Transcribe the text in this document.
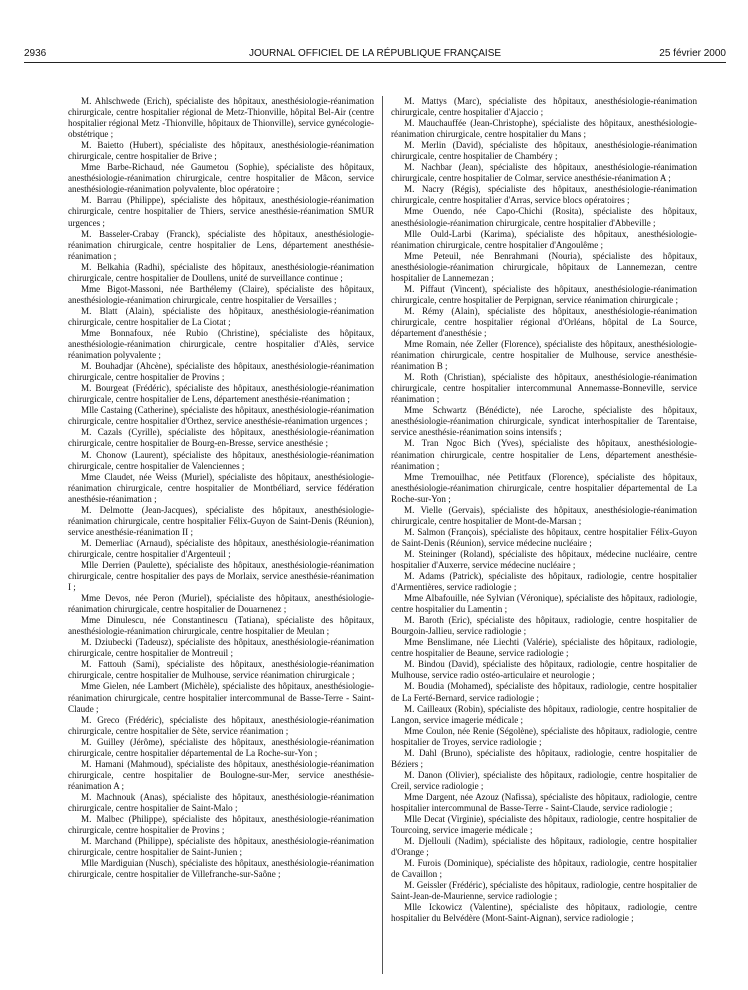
2936	JOURNAL OFFICIEL DE LA RÉPUBLIQUE FRANÇAISE	25 février 2000

M. Ahlschwede (Erich), spécialiste des hôpitaux, anesthésiologie-réanimation chirurgicale, centre hospitalier régional de Metz-Thionville, hôpital Bel-Air (centre hospitalier régional Metz -Thionville, hôpitaux de Thionville), service gynécologie-obstétrique ;

M. Baietto (Hubert), spécialiste des hôpitaux, anesthésiologie-réanimation chirurgicale, centre hospitalier de Brive ;

Mme Barbe-Richaud, née Gaumetou (Sophie), spécialiste des hôpitaux, anesthésiologie-réanimation chirurgicale, centre hospitalier de Mâcon, service anesthésiologie-réanimation polyvalente, bloc opératoire ;

M. Barrau (Philippe), spécialiste des hôpitaux, anesthésiologie-réanimation chirurgicale, centre hospitalier de Thiers, service anesthésie-réanimation SMUR urgences ;

M. Basseler-Crabay (Franck), spécialiste des hôpitaux, anesthésiologie-réanimation chirurgicale, centre hospitalier de Lens, département anesthésie-réanimation ;

M. Belkahia (Radhi), spécialiste des hôpitaux, anesthésiologie-réanimation chirurgicale, centre hospitalier de Doullens, unité de surveillance continue ;

Mme Bigot-Massoni, née Barthélemy (Claire), spécialiste des hôpitaux, anesthésiologie-réanimation chirurgicale, centre hospitalier de Versailles ;

M. Blatt (Alain), spécialiste des hôpitaux, anesthésiologie-réanimation chirurgicale, centre hospitalier de La Ciotat ;

Mme Bonnafoux, née Rubio (Christine), spécialiste des hôpitaux, anesthésiologie-réanimation chirurgicale, centre hospitalier d'Alès, service réanimation polyvalente ;

M. Bouhadjar (Ahcène), spécialiste des hôpitaux, anesthésiologie-réanimation chirurgicale, centre hospitalier de Provins ;

M. Bourgeat (Frédéric), spécialiste des hôpitaux, anesthésiologie-réanimation chirurgicale, centre hospitalier de Lens, département anesthésie-réanimation ;

Mlle Castaing (Catherine), spécialiste des hôpitaux, anesthésiologie-réanimation chirurgicale, centre hospitalier d'Orthez, service anesthésie-réanimation urgences ;

M. Cazals (Cyrille), spécialiste des hôpitaux, anesthésiologie-réanimation chirurgicale, centre hospitalier de Bourg-en-Bresse, service anesthésie ;

M. Chonow (Laurent), spécialiste des hôpitaux, anesthésiologie-réanimation chirurgicale, centre hospitalier de Valenciennes ;

Mme Claudet, née Weiss (Muriel), spécialiste des hôpitaux, anesthésiologie-réanimation chirurgicale, centre hospitalier de Montbéliard, service fédération anesthésie-réanimation ;

M. Delmotte (Jean-Jacques), spécialiste des hôpitaux, anesthésiologie-réanimation chirurgicale, centre hospitalier Félix-Guyon de Saint-Denis (Réunion), service anesthésie-réanimation II ;

M. Demerliac (Arnaud), spécialiste des hôpitaux, anesthésiologie-réanimation chirurgicale, centre hospitalier d'Argenteuil ;

Mlle Derrien (Paulette), spécialiste des hôpitaux, anesthésiologie-réanimation chirurgicale, centre hospitalier des pays de Morlaix, service anesthésie-réanimation I ;

Mme Devos, née Peron (Muriel), spécialiste des hôpitaux, anesthésiologie-réanimation chirurgicale, centre hospitalier de Douarnenez ;

Mme Dinulescu, née Constantinescu (Tatiana), spécialiste des hôpitaux, anesthésiologie-réanimation chirurgicale, centre hospitalier de Meulan ;

M. Dziubecki (Tadeusz), spécialiste des hôpitaux, anesthésiologie-réanimation chirurgicale, centre hospitalier de Montreuil ;

M. Fattouh (Sami), spécialiste des hôpitaux, anesthésiologie-réanimation chirurgicale, centre hospitalier de Mulhouse, service réanimation chirurgicale ;

Mme Gielen, née Lambert (Michèle), spécialiste des hôpitaux, anesthésiologie-réanimation chirurgicale, centre hospitalier intercommunal de Basse-Terre - Saint-Claude ;

M. Greco (Frédéric), spécialiste des hôpitaux, anesthésiologie-réanimation chirurgicale, centre hospitalier de Sète, service réanimation ;

M. Guilley (Jérôme), spécialiste des hôpitaux, anesthésiologie-réanimation chirurgicale, centre hospitalier départemental de La Roche-sur-Yon ;

M. Hamani (Mahmoud), spécialiste des hôpitaux, anesthésiologie-réanimation chirurgicale, centre hospitalier de Boulogne-sur-Mer, service anesthésie-réanimation A ;

M. Machnouk (Anas), spécialiste des hôpitaux, anesthésiologie-réanimation chirurgicale, centre hospitalier de Saint-Malo ;

M. Malbec (Philippe), spécialiste des hôpitaux, anesthésiologie-réanimation chirurgicale, centre hospitalier de Provins ;

M. Marchand (Philippe), spécialiste des hôpitaux, anesthésiologie-réanimation chirurgicale, centre hospitalier de Saint-Junien ;

Mlle Mardiguian (Nusch), spécialiste des hôpitaux, anesthésiologie-réanimation chirurgicale, centre hospitalier de Villefranche-sur-Saône ;

M. Mattys (Marc), spécialiste des hôpitaux, anesthésiologie-réanimation chirurgicale, centre hospitalier d'Ajaccio ;

M. Mauchauffée (Jean-Christophe), spécialiste des hôpitaux, anesthésiologie-réanimation chirurgicale, centre hospitalier du Mans ;

M. Merlin (David), spécialiste des hôpitaux, anesthésiologie-réanimation chirurgicale, centre hospitalier de Chambéry ;

M. Nachbar (Jean), spécialiste des hôpitaux, anesthésiologie-réanimation chirurgicale, centre hospitalier de Colmar, service anesthésie-réanimation A ;

M. Nacry (Régis), spécialiste des hôpitaux, anesthésiologie-réanimation chirurgicale, centre hospitalier d'Arras, service blocs opératoires ;

Mme Ouendo, née Capo-Chichi (Rosita), spécialiste des hôpitaux, anesthésiologie-réanimation chirurgicale, centre hospitalier d'Abbeville ;

Mlle Ould-Larbi (Karima), spécialiste des hôpitaux, anesthésiologie-réanimation chirurgicale, centre hospitalier d'Angoulême ;

Mme Peteuil, née Benrahmani (Nouria), spécialiste des hôpitaux, anesthésiologie-réanimation chirurgicale, hôpitaux de Lannemezan, centre hospitalier de Lannemezan ;

M. Piffaut (Vincent), spécialiste des hôpitaux, anesthésiologie-réanimation chirurgicale, centre hospitalier de Perpignan, service réanimation chirurgicale ;

M. Rémy (Alain), spécialiste des hôpitaux, anesthésiologie-réanimation chirurgicale, centre hospitalier régional d'Orléans, hôpital de La Source, département d'anesthésie ;

Mme Romain, née Zeller (Florence), spécialiste des hôpitaux, anesthésiologie-réanimation chirurgicale, centre hospitalier de Mulhouse, service anesthésie-réanimation B ;

M. Roth (Christian), spécialiste des hôpitaux, anesthésiologie-réanimation chirurgicale, centre hospitalier intercommunal Annemasse-Bonneville, service réanimation ;

Mme Schwartz (Bénédicte), née Laroche, spécialiste des hôpitaux, anesthésiologie-réanimation chirurgicale, syndicat interhospitalier de Tarentaise, service anesthésie-réanimation soins intensifs ;

M. Tran Ngoc Bich (Yves), spécialiste des hôpitaux, anesthésiologie-réanimation chirurgicale, centre hospitalier de Lens, département anesthésie-réanimation ;

Mme Tremouilhac, née Petitfaux (Florence), spécialiste des hôpitaux, anesthésiologie-réanimation chirurgicale, centre hospitalier départemental de La Roche-sur-Yon ;

M. Vielle (Gervais), spécialiste des hôpitaux, anesthésiologie-réanimation chirurgicale, centre hospitalier de Mont-de-Marsan ;

M. Salmon (François), spécialiste des hôpitaux, centre hospitalier Félix-Guyon de Saint-Denis (Réunion), service médecine nucléaire ;

M. Steininger (Roland), spécialiste des hôpitaux, médecine nucléaire, centre hospitalier d'Auxerre, service médecine nucléaire ;

M. Adams (Patrick), spécialiste des hôpitaux, radiologie, centre hospitalier d'Armentières, service radiologie ;

Mme Albafouille, née Sylvian (Véronique), spécialiste des hôpitaux, radiologie, centre hospitalier du Lamentin ;

M. Baroth (Eric), spécialiste des hôpitaux, radiologie, centre hospitalier de Bourgoin-Jallieu, service radiologie ;

Mme Benslimane, née Liechti (Valérie), spécialiste des hôpitaux, radiologie, centre hospitalier de Beaune, service radiologie ;

M. Bindou (David), spécialiste des hôpitaux, radiologie, centre hospitalier de Mulhouse, service radio ostéo-articulaire et neurologie ;

M. Boudia (Mohamed), spécialiste des hôpitaux, radiologie, centre hospitalier de La Ferté-Bernard, service radiologie ;

M. Cailleaux (Robin), spécialiste des hôpitaux, radiologie, centre hospitalier de Langon, service imagerie médicale ;

Mme Coulon, née Renie (Ségolène), spécialiste des hôpitaux, radiologie, centre hospitalier de Troyes, service radiologie ;

M. Dahl (Bruno), spécialiste des hôpitaux, radiologie, centre hospitalier de Béziers ;

M. Danon (Olivier), spécialiste des hôpitaux, radiologie, centre hospitalier de Creil, service radiologie ;

Mme Dargent, née Azouz (Nafissa), spécialiste des hôpitaux, radiologie, centre hospitalier intercommunal de Basse-Terre - Saint-Claude, service radiologie ;

Mlle Decat (Virginie), spécialiste des hôpitaux, radiologie, centre hospitalier de Tourcoing, service imagerie médicale ;

M. Djellouli (Nadim), spécialiste des hôpitaux, radiologie, centre hospitalier d'Orange ;

M. Furois (Dominique), spécialiste des hôpitaux, radiologie, centre hospitalier de Cavaillon ;

M. Geissler (Frédéric), spécialiste des hôpitaux, radiologie, centre hospitalier de Saint-Jean-de-Maurienne, service radiologie ;

Mlle Ickowicz (Valentine), spécialiste des hôpitaux, radiologie, centre hospitalier du Belvédère (Mont-Saint-Aignan), service radiologie ;
